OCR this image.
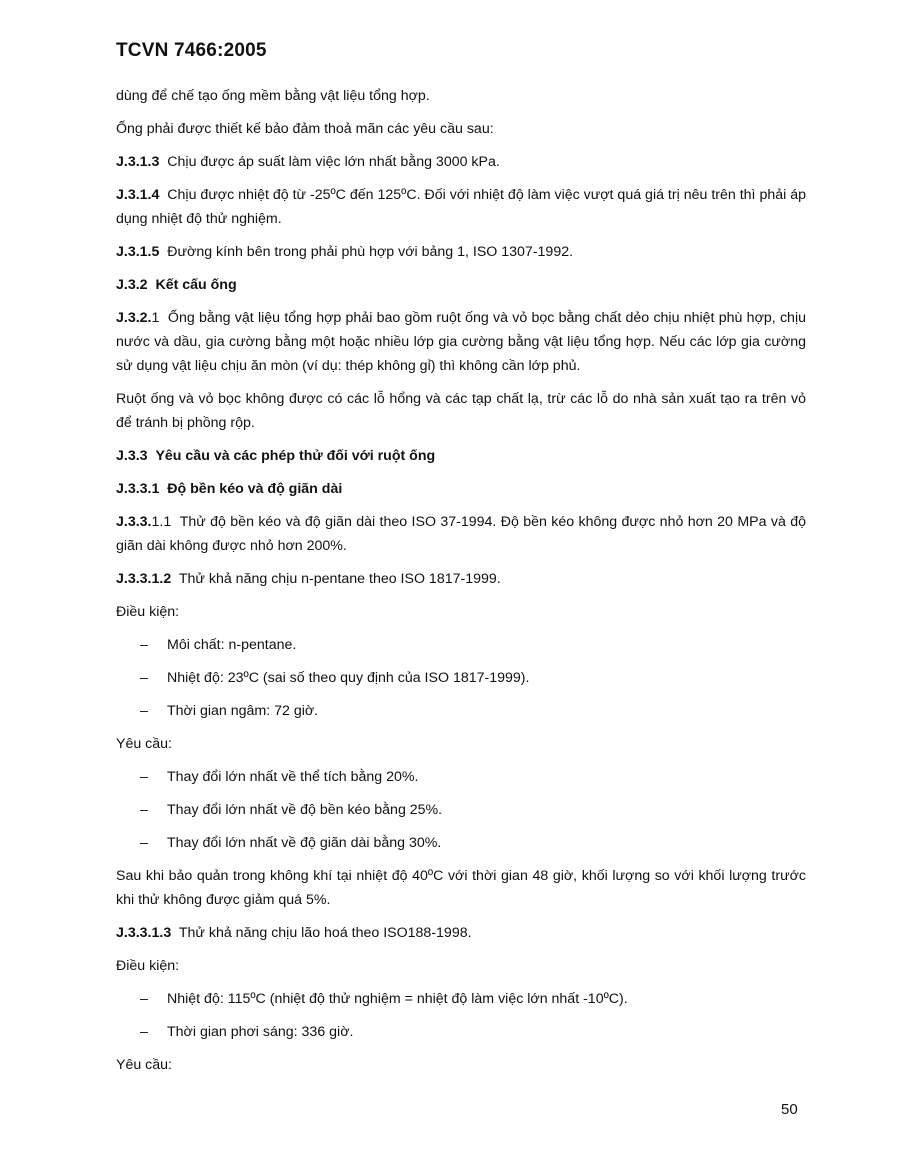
TCVN 7466:2005

dùng để chế tạo ống mềm bằng vật liệu tổng hợp.

Ống phải được thiết kế bảo đảm thoả mãn các yêu cầu sau:

J.3.1.3 Chịu được áp suất làm việc lớn nhất bằng 3000 kPa.

J.3.1.4 Chịu được nhiệt độ từ -25ºC đến 125ºC. Đối với nhiệt độ làm việc vượt quá giá trị nêu trên thì phải áp dụng nhiệt độ thử nghiệm.

J.3.1.5 Đường kính bên trong phải phù hợp với bảng 1, ISO 1307-1992.

J.3.2 Kết cấu ống

J.3.2.1 Ống bằng vật liệu tổng hợp phải bao gồm ruột ống và vỏ bọc bằng chất dẻo chịu nhiệt phù hợp, chịu nước và dầu, gia cường bằng một hoặc nhiều lớp gia cường bằng vật liệu tổng hợp. Nếu các lớp gia cường sử dụng vật liệu chịu ăn mòn (ví dụ: thép không gỉ) thì không cần lớp phủ.

Ruột ống và vỏ bọc không được có các lỗ hổng và các tạp chất lạ, trừ các lỗ do nhà sản xuất tạo ra trên vỏ để tránh bị phồng rộp.

J.3.3 Yêu cầu và các phép thử đối với ruột ống

J.3.3.1 Độ bền kéo và độ giãn dài

J.3.3.1.1 Thử độ bền kéo và độ giãn dài theo ISO 37-1994. Độ bền kéo không được nhỏ hơn 20 MPa và độ giãn dài không được nhỏ hơn 200%.

J.3.3.1.2 Thử khả năng chịu n-pentane theo ISO 1817-1999.

Điều kiện:

– Môi chất: n-pentane.
– Nhiệt độ: 23ºC (sai số theo quy định của ISO 1817-1999).
– Thời gian ngâm: 72 giờ.

Yêu cầu:

– Thay đổi lớn nhất về thể tích bằng 20%.
– Thay đổi lớn nhất về độ bền kéo bằng 25%.
– Thay đổi lớn nhất về độ giãn dài bằng 30%.

Sau khi bảo quản trong không khí tại nhiệt độ 40ºC với thời gian 48 giờ, khối lượng so với khối lượng trước khi thử không được giảm quá 5%.

J.3.3.1.3 Thử khả năng chịu lão hoá theo ISO188-1998.

Điều kiện:

– Nhiệt độ: 115ºC (nhiệt độ thử nghiệm = nhiệt độ làm việc lớn nhất -10ºC).
– Thời gian phơi sáng: 336 giờ.

Yêu cầu:

50
